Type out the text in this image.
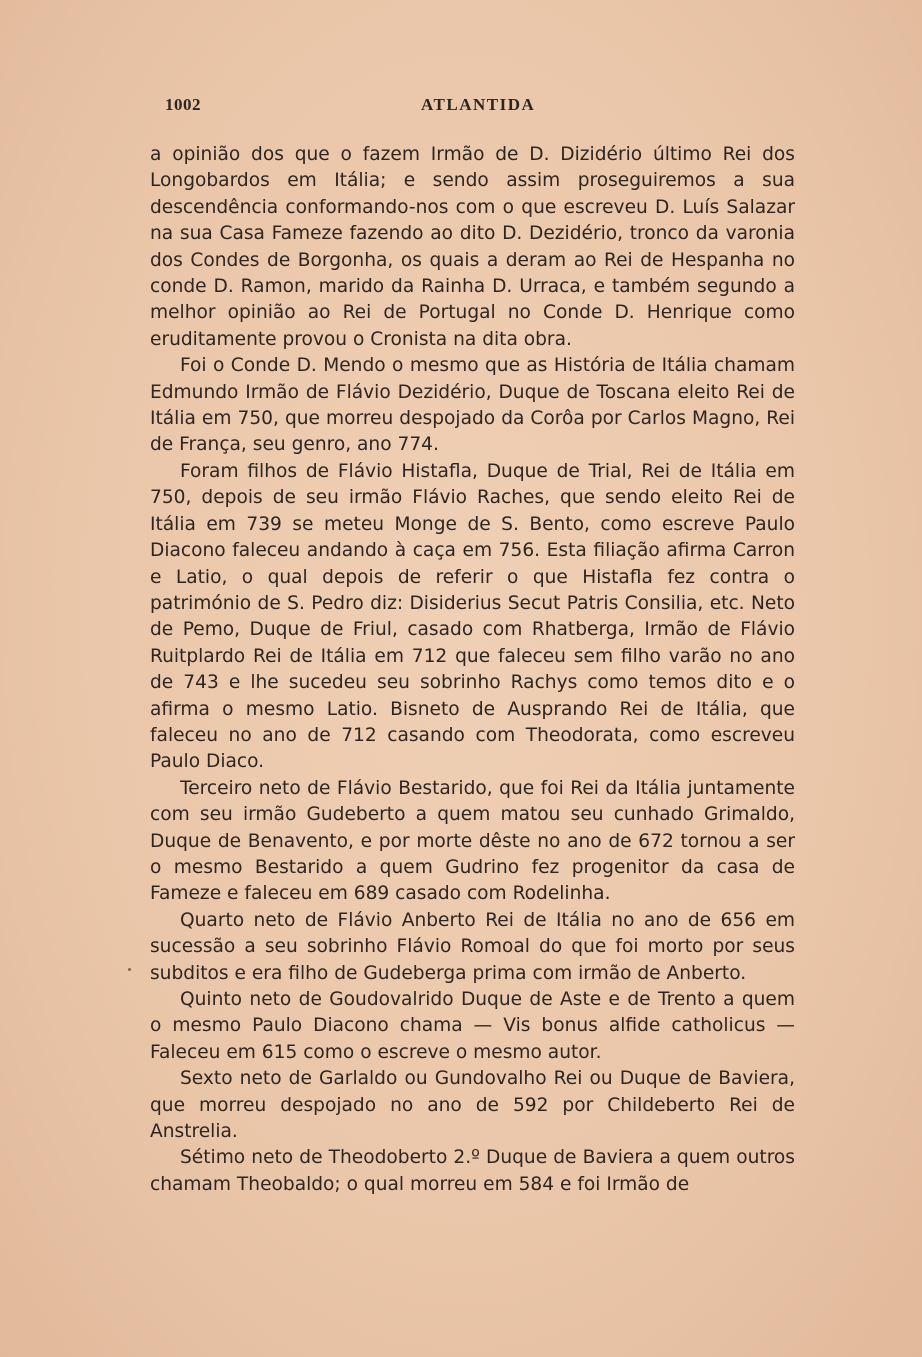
1002	ATLANTIDA

a opinião dos que o fazem Irmão de D. Dizidério último Rei dos Longobardos em Itália; e sendo assim proseguiremos a sua descendência conformando-nos com o que escreveu D. Luís Salazar na sua Casa Fameze fazendo ao dito D. Dezidério, tronco da varonia dos Condes de Borgonha, os quais a deram ao Rei de Hespanha no conde D. Ramon, marido da Rainha D. Urraca, e também segundo a melhor opinião ao Rei de Portugal no Conde D. Henrique como eruditamente provou o Cronista na dita obra.

Foi o Conde D. Mendo o mesmo que as História de Itália chamam Edmundo Irmão de Flávio Dezidério, Duque de Toscana eleito Rei de Itália em 750, que morreu despojado da Corôa por Carlos Magno, Rei de França, seu genro, ano 774.

Foram filhos de Flávio Histafla, Duque de Trial, Rei de Itália em 750, depois de seu irmão Flávio Raches, que sendo eleito Rei de Itália em 739 se meteu Monge de S. Bento, como escreve Paulo Diacono faleceu andando à caça em 756. Esta filiação afirma Carron e Latio, o qual depois de referir o que Histafla fez contra o património de S. Pedro diz: Disiderius Secut Patris Consilia, etc. Neto de Pemo, Duque de Friul, casado com Rhatberga, Irmão de Flávio Ruitplardo Rei de Itália em 712 que faleceu sem filho varão no ano de 743 e lhe sucedeu seu sobrinho Rachys como temos dito e o afirma o mesmo Latio. Bisneto de Ausprando Rei de Itália, que faleceu no ano de 712 casando com Theodorata, como escreveu Paulo Diaco.

Terceiro neto de Flávio Bestarido, que foi Rei da Itália juntamente com seu irmão Gudeberto a quem matou seu cunhado Grimaldo, Duque de Benavento, e por morte dêste no ano de 672 tornou a ser o mesmo Bestarido a quem Gudrino fez progenitor da casa de Fameze e faleceu em 689 casado com Rodelinha.

Quarto neto de Flávio Anberto Rei de Itália no ano de 656 em sucessão a seu sobrinho Flávio Romoal do que foi morto por seus subditos e era filho de Gudeberga prima com irmão de Anberto.

Quinto neto de Goudovalrido Duque de Aste e de Trento a quem o mesmo Paulo Diacono chama — Vis bonus alfide catholicus — Faleceu em 615 como o escreve o mesmo autor.

Sexto neto de Garlaldo ou Gundovalho Rei ou Duque de Baviera, que morreu despojado no ano de 592 por Childeberto Rei de Anstrelia.

Sétimo neto de Theodoberto 2.º Duque de Baviera a quem outros chamam Theobaldo; o qual morreu em 584 e foi Irmão de
